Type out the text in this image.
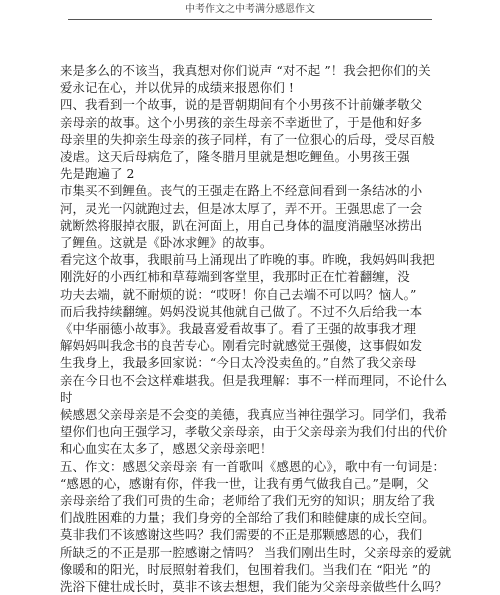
中考作文之中考满分感恩作文
来是多么的不该当，我真想对你们说声 “对不起 ”！我会把你们的关
爱永记在心，并以优异的成绩来报恩你们 !
四、我看到一个故事，说的是晋朝期间有个小男孩不计前嫌孝敬父
亲母亲的故事。这个小男孩的亲生母亲不幸逝世了，于是他和好多
母亲里的失抑亲生母亲的孩子同样，有了一位狠心的后母，受尽百般
凌虐。这天后母病危了，隆冬腊月里就是想吃鲤鱼。小男孩王强
先是跑遍了 2
市集买不到鲤鱼。丧气的王强走在路上不经意间看到一条结冰的小
河，灵光一闪就跑过去，但是冰太厚了，弄不开。王强思虑了一会
就断然将服掉衣服，趴在河面上，用自己身体的温度消融坚冰捞出
了鲤鱼。这就是《卧冰求鲤》的故事。
看完这个故事，我眼前马上涌现出了昨晚的事。昨晚，我妈妈叫我把
刚洗好的小西红柿和草莓端到客堂里，我那时正在忙着翻缠，没
功夫去端，就不耐烦的说：“哎呀！你自己去端不可以吗？恼人。”
而后我持续翻缠。妈妈没说其他就自己做了。不过不久后给我一本
《中华丽德小故事》。我最喜爱看故事了。看了王强的故事我才理
解妈妈叫我念书的良苦专心。刚看完时就感觉王强傻，这事假如发
生我身上，我最多回家说：“今日太冷没卖鱼的。”自然了我父亲母
亲在今日也不会这样难堪我。但是我理解：事不一样而理同，不论什么
时
候感恩父亲母亲是不会变的美德，我真应当神往强学习。同学们，我希
望你们也向王强学习，孝敬父亲母亲，由于父亲母亲为我们付出的代价
和心血实在太多了，感恩父亲母亲吧！
五、作文：感恩父亲母亲 有一首歌叫《感恩的心》，歌中有一句词是：
“感恩的心，感谢有你，伴我一世，让我有勇气做我自己。”是啊，父
亲母亲给了我们可贵的生命；老师给了我们无穷的知识；朋友给了我
们战胜困难的力量；我们身旁的全部给了我们和睦健康的成长空间。
莫非我们不该感谢这些吗？我们需要的不正是那颗感恩的心，我们
所缺乏的不正是那一腔感谢之情吗？ 当我们刚出生时，父亲母亲的爱就
像暖和的阳光，时辰照射着我们，包围着我们。当我们在 “阳光 ”的
洗浴下健壮成长时，莫非不该去想想，我们能为父亲母亲做些什么吗？
